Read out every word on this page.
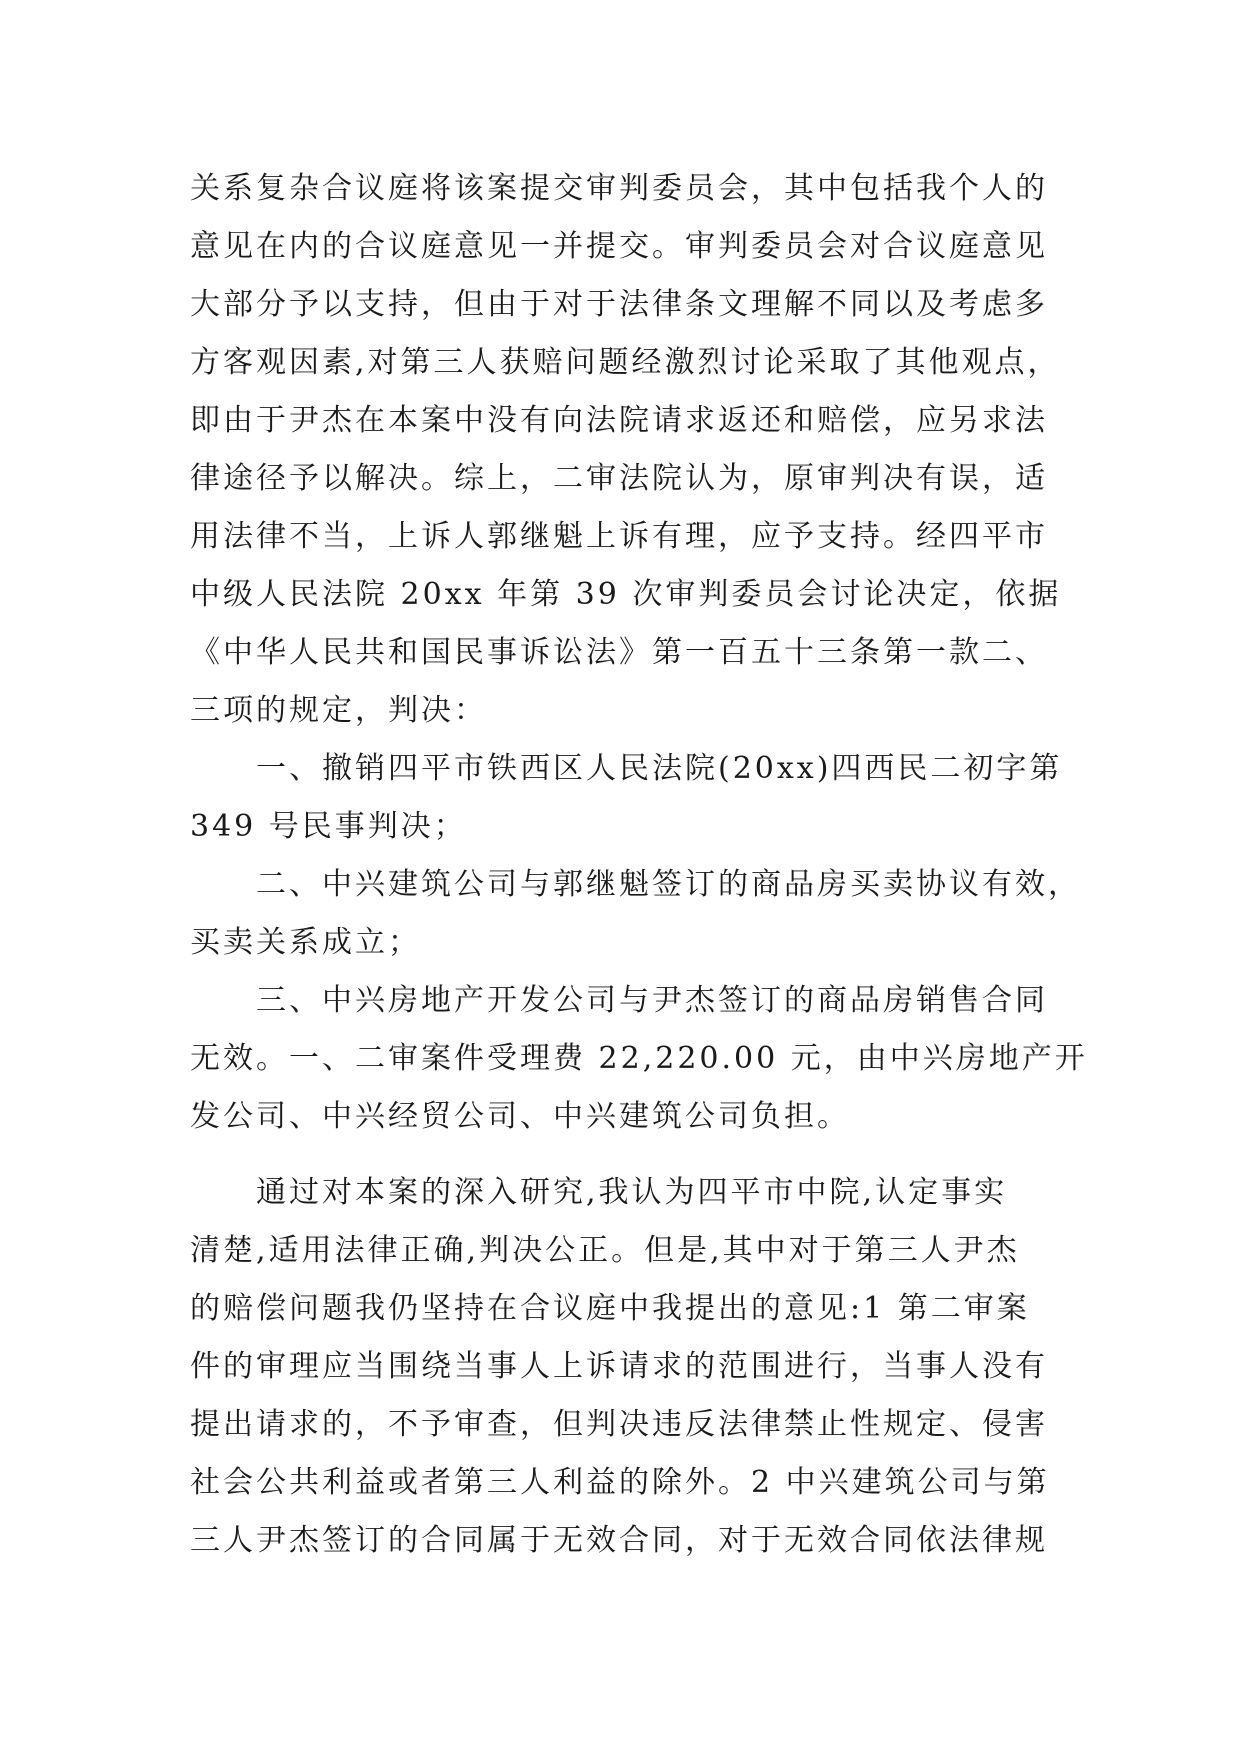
关系复杂合议庭将该案提交审判委员会，其中包括我个人的
意见在内的合议庭意见一并提交。审判委员会对合议庭意见
大部分予以支持，但由于对于法律条文理解不同以及考虑多
方客观因素,对第三人获赔问题经激烈讨论采取了其他观点，
即由于尹杰在本案中没有向法院请求返还和赔偿，应另求法
律途径予以解决。综上，二审法院认为，原审判决有误，适
用法律不当，上诉人郭继魁上诉有理，应予支持。经四平市
中级人民法院 20xx 年第 39 次审判委员会讨论决定，依据
《中华人民共和国民事诉讼法》第一百五十三条第一款二、
三项的规定，判决：
一、撤销四平市铁西区人民法院(20xx)四西民二初字第
349 号民事判决；
二、中兴建筑公司与郭继魁签订的商品房买卖协议有效，
买卖关系成立；
三、中兴房地产开发公司与尹杰签订的商品房销售合同
无效。一、二审案件受理费 22,220.00 元，由中兴房地产开
发公司、中兴经贸公司、中兴建筑公司负担。
通过对本案的深入研究,我认为四平市中院,认定事实
清楚,适用法律正确,判决公正。但是,其中对于第三人尹杰
的赔偿问题我仍坚持在合议庭中我提出的意见:1 第二审案
件的审理应当围绕当事人上诉请求的范围进行，当事人没有
提出请求的，不予审查，但判决违反法律禁止性规定、侵害
社会公共利益或者第三人利益的除外。2 中兴建筑公司与第
三人尹杰签订的合同属于无效合同，对于无效合同依法律规
